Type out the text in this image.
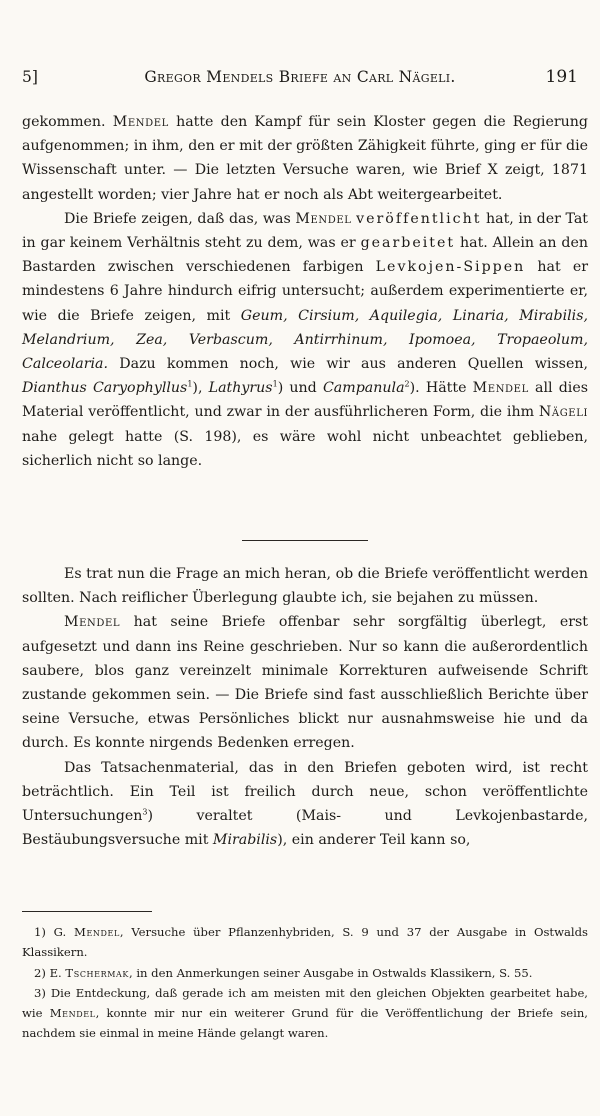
5]	Gregor Mendels Briefe an Carl Nägeli.	191

gekommen. Mendel hatte den Kampf für sein Kloster gegen die Regierung aufgenommen; in ihm, den er mit der größten Zähigkeit führte, ging er für die Wissenschaft unter. — Die letzten Versuche waren, wie Brief X zeigt, 1871 angestellt worden; vier Jahre hat er noch als Abt weitergearbeitet.

Die Briefe zeigen, daß das, was Mendel veröffentlicht hat, in der Tat in gar keinem Verhältnis steht zu dem, was er gearbeitet hat. Allein an den Bastarden zwischen verschiedenen farbigen Levkojen-Sippen hat er mindestens 6 Jahre hindurch eifrig untersucht; außerdem experimentierte er, wie die Briefe zeigen, mit Geum, Cirsium, Aquilegia, Linaria, Mirabilis, Melandrium, Zea, Verbascum, Antirrhinum, Ipomoea, Tropaeolum, Calceolaria. Dazu kommen noch, wie wir aus anderen Quellen wissen, Dianthus Caryophyllus$^1$), Lathyrus$^1$) und Campanula$^2$). Hätte Mendel all dies Material veröffentlicht, und zwar in der ausführlicheren Form, die ihm Nägeli nahe gelegt hatte (S. 198), es wäre wohl nicht unbeachtet geblieben, sicherlich nicht so lange.

Es trat nun die Frage an mich heran, ob die Briefe veröffentlicht werden sollten. Nach reiflicher Überlegung glaubte ich, sie bejahen zu müssen.

Mendel hat seine Briefe offenbar sehr sorgfältig überlegt, erst aufgesetzt und dann ins Reine geschrieben. Nur so kann die außerordentlich saubere, blos ganz vereinzelt minimale Korrekturen aufweisende Schrift zustande gekommen sein. — Die Briefe sind fast ausschließlich Berichte über seine Versuche, etwas Persönliches blickt nur ausnahmsweise hie und da durch. Es konnte nirgends Bedenken erregen.

Das Tatsachenmaterial, das in den Briefen geboten wird, ist recht beträchtlich. Ein Teil ist freilich durch neue, schon veröffentlichte Untersuchungen$^3$) veraltet (Mais- und Levkojenbastarde, Bestäubungsversuche mit Mirabilis), ein anderer Teil kann so,

1) G. Mendel, Versuche über Pflanzenhybriden, S. 9 und 37 der Ausgabe in Ostwalds Klassikern.

2) E. Tschermak, in den Anmerkungen seiner Ausgabe in Ostwalds Klassikern, S. 55.

3) Die Entdeckung, daß gerade ich am meisten mit den gleichen Objekten gearbeitet habe, wie Mendel, konnte mir nur ein weiterer Grund für die Veröffentlichung der Briefe sein, nachdem sie einmal in meine Hände gelangt waren.
